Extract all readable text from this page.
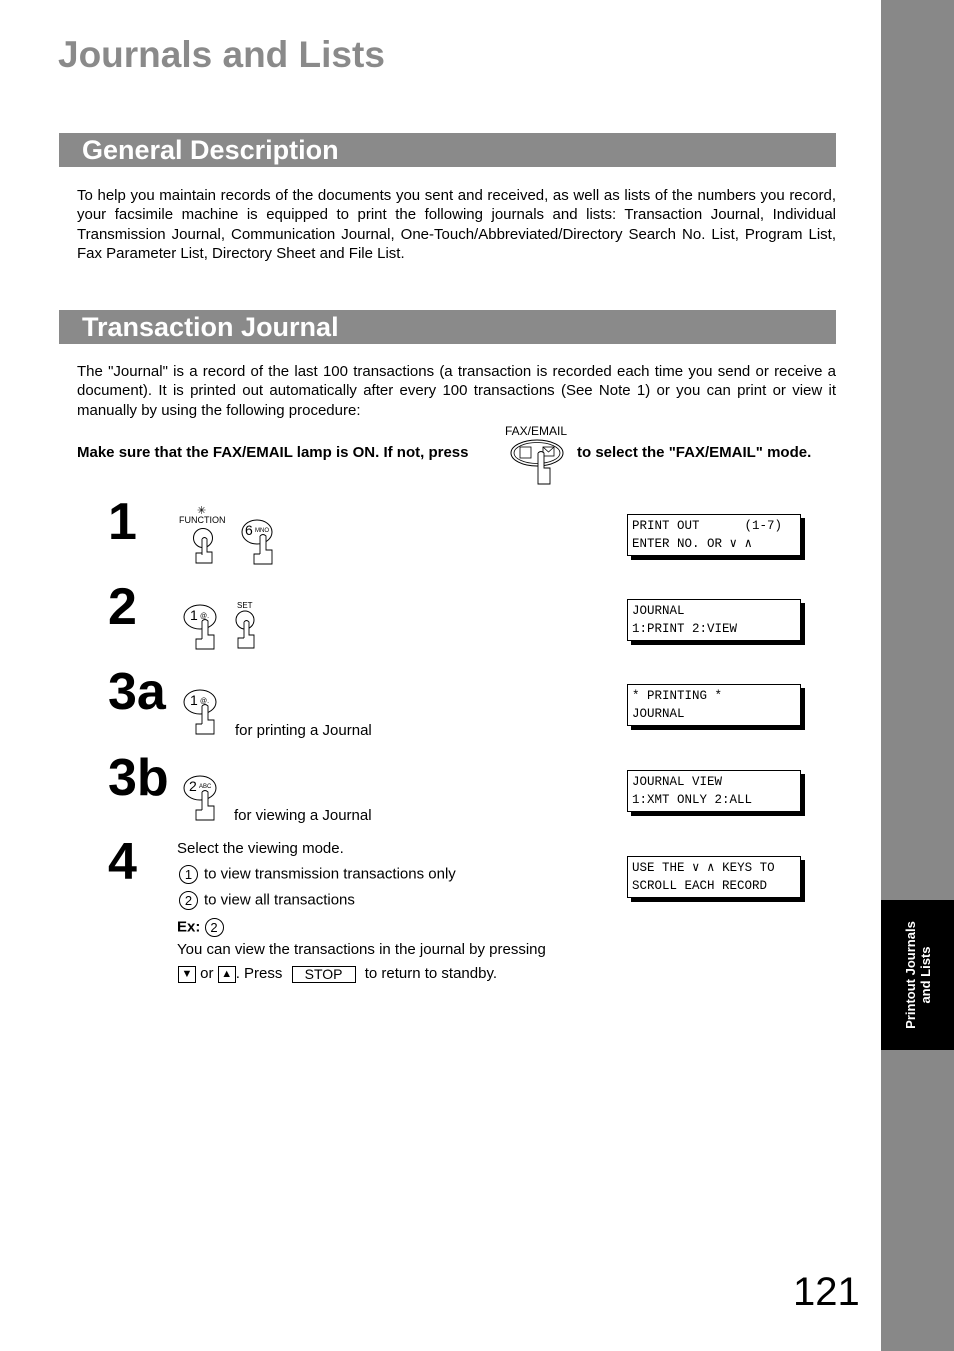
Journals and Lists
General Description
To help you maintain records of the documents you sent and received, as well as lists of the numbers you record, your facsimile machine is equipped to print the following journals and lists: Transaction Journal, Individual Transmission Journal, Communication Journal, One-Touch/Abbreviated/Directory Search No. List, Program List, Fax Parameter List, Directory Sheet and File List.
Transaction Journal
The "Journal" is a record of the last 100 transactions (a transaction is recorded each time you send or receive a document). It is printed out automatically after every 100 transactions (See Note 1) or you can print or view it manually by using the following procedure:
Make sure that the FAX/EMAIL lamp is ON. If not, press
FAX/EMAIL
to select the "FAX/EMAIL" mode.
1	FUNCTION
✳
6 MNO	PRINT OUT      (1-7)
ENTER NO. OR ∨ ∧
2	1 @.
SET	JOURNAL
1:PRINT 2:VIEW
3a 1 @.
for printing a Journal
* PRINTING *
JOURNAL
3b 2 ABC
for viewing a Journal
JOURNAL VIEW
1:XMT ONLY 2:ALL
4	Select the viewing mode.
1 to view transmission transactions only
2 to view all transactions
Ex: 2
You can view the transactions in the journal by pressing
▼ or ▲ . Press STOP to return to standby.
USE THE ∨ ∧ KEYS TO
SCROLL EACH RECORD
Printout Journals
and Lists
121
